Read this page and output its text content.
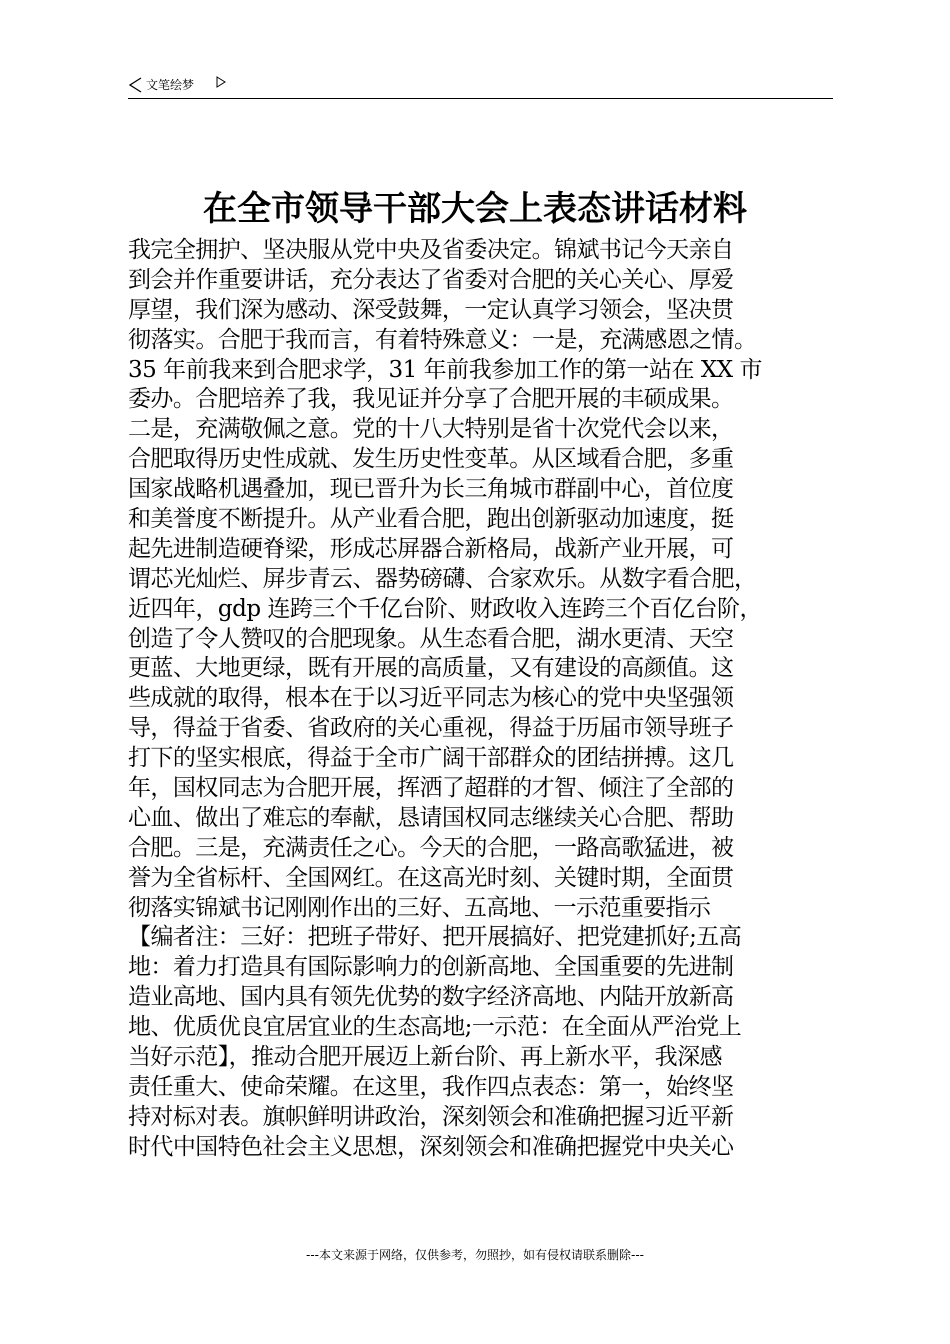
文笔绘梦
在全市领导干部大会上表态讲话材料
我完全拥护、坚决服从党中央及省委决定。锦斌书记今天亲自
到会并作重要讲话，充分表达了省委对合肥的关心关心、厚爱
厚望，我们深为感动、深受鼓舞，一定认真学习领会，坚决贯
彻落实。合肥于我而言，有着特殊意义：一是，充满感恩之情。
35 年前我来到合肥求学，31 年前我参加工作的第一站在 XX 市
委办。合肥培养了我，我见证并分享了合肥开展的丰硕成果。
二是，充满敬佩之意。党的十八大特别是省十次党代会以来，
合肥取得历史性成就、发生历史性变革。从区域看合肥，多重
国家战略机遇叠加，现已晋升为长三角城市群副中心，首位度
和美誉度不断提升。从产业看合肥，跑出创新驱动加速度，挺
起先进制造硬脊梁，形成芯屏器合新格局，战新产业开展，可
谓芯光灿烂、屏步青云、器势磅礴、合家欢乐。从数字看合肥，
近四年，gdp 连跨三个千亿台阶、财政收入连跨三个百亿台阶，
创造了令人赞叹的合肥现象。从生态看合肥，湖水更清、天空
更蓝、大地更绿，既有开展的高质量，又有建设的高颜值。这
些成就的取得，根本在于以习近平同志为核心的党中央坚强领
导，得益于省委、省政府的关心重视，得益于历届市领导班子
打下的坚实根底，得益于全市广阔干部群众的团结拼搏。这几
年，国权同志为合肥开展，挥洒了超群的才智、倾注了全部的
心血、做出了难忘的奉献，恳请国权同志继续关心合肥、帮助
合肥。三是，充满责任之心。今天的合肥，一路高歌猛进，被
誉为全省标杆、全国网红。在这高光时刻、关键时期，全面贯
彻落实锦斌书记刚刚作出的三好、五高地、一示范重要指示
【编者注：三好：把班子带好、把开展搞好、把党建抓好;五高
地：着力打造具有国际影响力的创新高地、全国重要的先进制
造业高地、国内具有领先优势的数字经济高地、内陆开放新高
地、优质优良宜居宜业的生态高地;一示范：在全面从严治党上
当好示范】，推动合肥开展迈上新台阶、再上新水平，我深感
责任重大、使命荣耀。在这里，我作四点表态：第一，始终坚
持对标对表。旗帜鲜明讲政治，深刻领会和准确把握习近平新
时代中国特色社会主义思想，深刻领会和准确把握党中央关心
---本文来源于网络，仅供参考，勿照抄，如有侵权请联系删除---
